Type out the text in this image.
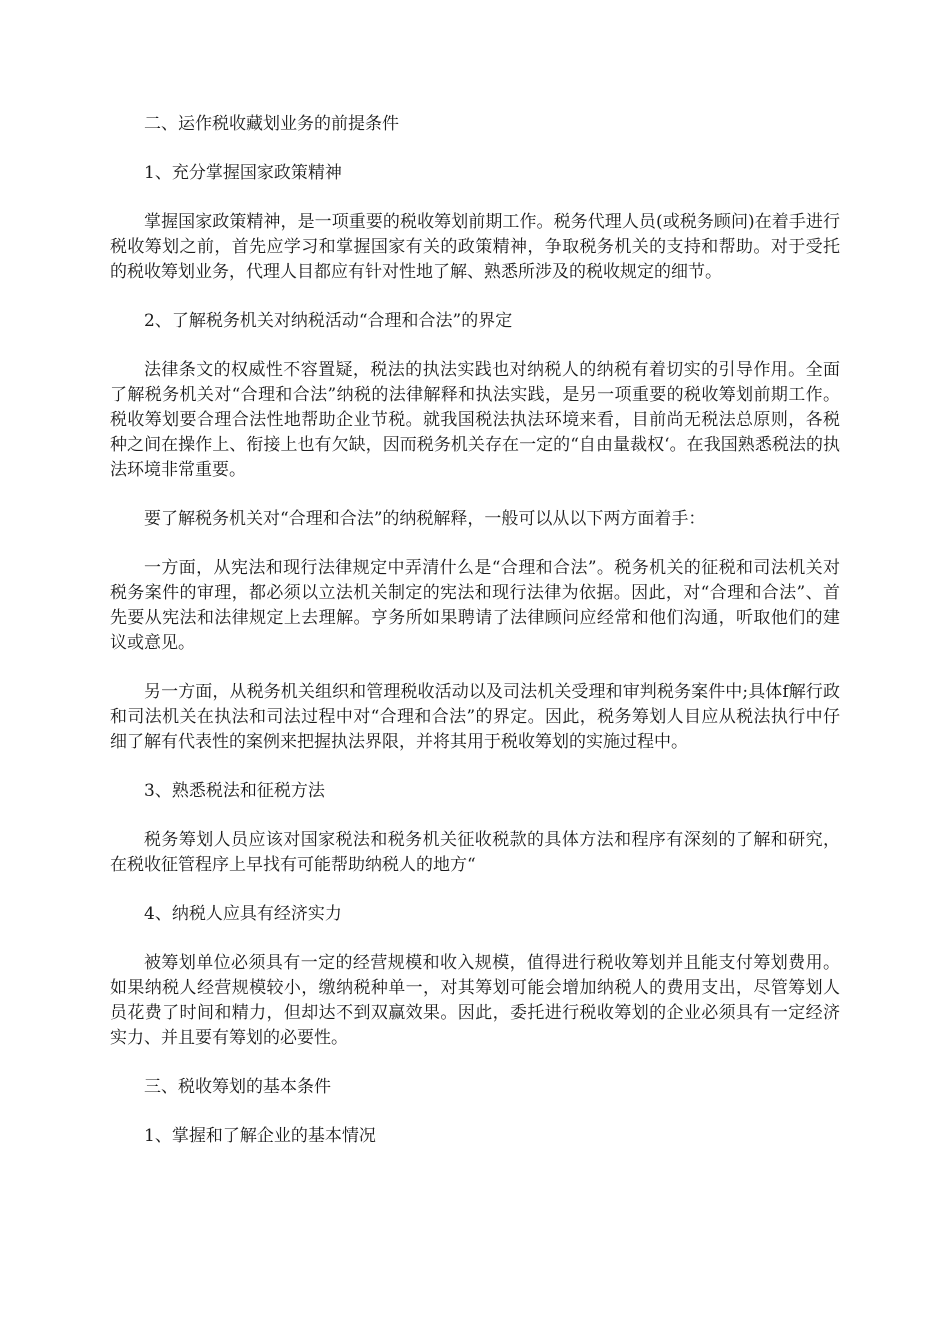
二、运作税收藏划业务的前提条件

1、充分掌握国家政策精神

掌握国家政策精神，是一项重要的税收筹划前期工作。税务代理人员(或税务顾问)在着手进行税收筹划之前，首先应学习和掌握国家有关的政策精神，争取税务机关的支持和帮助。对于受托的税收筹划业务，代理人目都应有针对性地了解、熟悉所涉及的税收规定的细节。

2、了解税务机关对纳税活动“合理和合法”的界定

法律条文的权威性不容置疑，税法的执法实践也对纳税人的纳税有着切实的引导作用。全面了解税务机关对“合理和合法”纳税的法律解释和执法实践，是另一项重要的税收筹划前期工作。税收筹划要合理合法性地帮助企业节税。就我国税法执法环境来看，目前尚无税法总原则，各税种之间在操作上、衔接上也有欠缺，因而税务机关存在一定的“自由量裁权‘。在我国熟悉税法的执法环境非常重要。

要了解税务机关对“合理和合法”的纳税解释，一般可以从以下两方面着手：

一方面，从宪法和现行法律规定中弄清什么是“合理和合法”。税务机关的征税和司法机关对税务案件的审理，都必须以立法机关制定的宪法和现行法律为依据。因此，对“合理和合法”、首先要从宪法和法律规定上去理解。亨务所如果聘请了法律顾问应经常和他们沟通，听取他们的建议或意见。

另一方面，从税务机关组织和管理税收活动以及司法机关受理和审判税务案件中;具体f解行政和司法机关在执法和司法过程中对“合理和合法”的界定。因此，税务筹划人目应从税法执行中仔细了解有代表性的案例来把握执法界限，并将其用于税收筹划的实施过程中。

3、熟悉税法和征税方法

税务筹划人员应该对国家税法和税务机关征收税款的具体方法和程序有深刻的了解和研究，在税收征管程序上早找有可能帮助纳税人的地方“

4、纳税人应具有经济实力

被筹划单位必须具有一定的经营规模和收入规模，值得进行税收筹划并且能支付筹划费用。如果纳税人经营规模较小，缴纳税种单一，对其筹划可能会增加纳税人的费用支出，尽管筹划人员花费了时间和精力，但却达不到双赢效果。因此，委托进行税收筹划的企业必须具有一定经济实力、并且要有筹划的必要性。

三、税收筹划的基本条件

1、掌握和了解企业的基本情况
